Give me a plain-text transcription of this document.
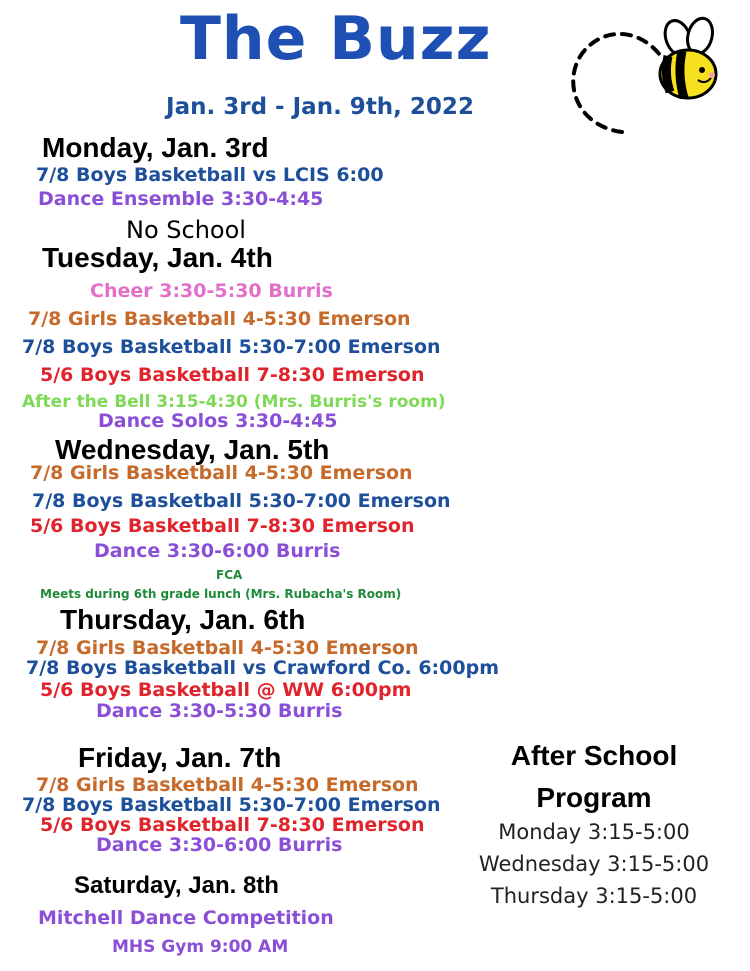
The Buzz
Jan. 3rd - Jan. 9th, 2022
Monday, Jan. 3rd
7/8 Boys Basketball vs LCIS 6:00
Dance Ensemble 3:30-4:45
No School
Tuesday, Jan. 4th
Cheer 3:30-5:30 Burris
7/8 Girls Basketball 4-5:30 Emerson
7/8 Boys Basketball 5:30-7:00 Emerson
5/6 Boys Basketball 7-8:30 Emerson
After the Bell 3:15-4:30 (Mrs. Burris's room)
Dance Solos 3:30-4:45
Wednesday, Jan. 5th
7/8 Girls Basketball 4-5:30 Emerson
7/8 Boys Basketball 5:30-7:00 Emerson
5/6 Boys Basketball 7-8:30 Emerson
Dance 3:30-6:00 Burris
FCA
Meets during 6th grade lunch (Mrs. Rubacha's Room)
Thursday, Jan. 6th
7/8 Girls Basketball 4-5:30 Emerson
7/8 Boys Basketball vs Crawford Co. 6:00pm
5/6 Boys Basketball @ WW 6:00pm
Dance 3:30-5:30 Burris
Friday, Jan. 7th
7/8 Girls Basketball 4-5:30 Emerson
7/8 Boys Basketball 5:30-7:00 Emerson
5/6 Boys Basketball 7-8:30 Emerson
Dance 3:30-6:00 Burris
Saturday, Jan. 8th
Mitchell Dance Competition
MHS Gym 9:00 AM
After School
Program
Monday 3:15-5:00
Wednesday 3:15-5:00
Thursday 3:15-5:00
